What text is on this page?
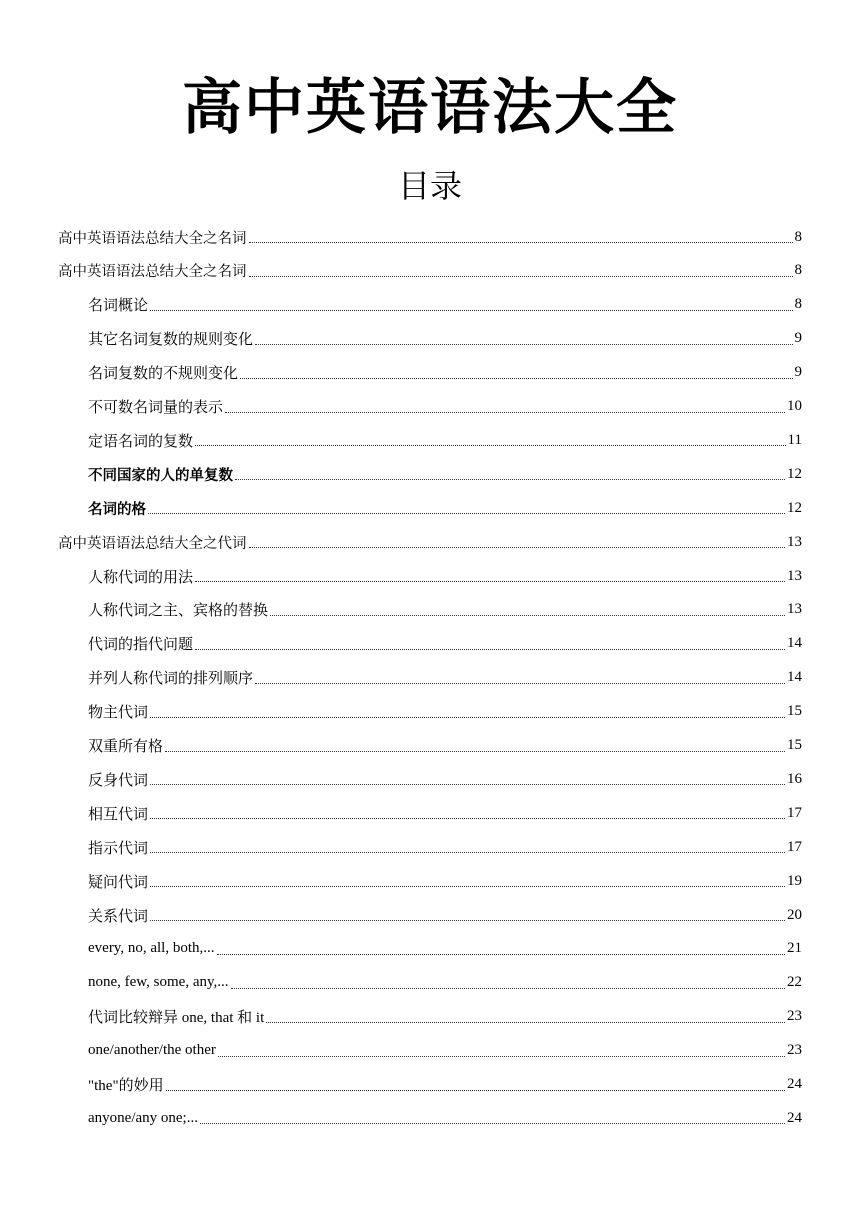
高中英语语法大全
目录
高中英语语法总结大全之名词	8
高中英语语法总结大全之名词	8
名词概论	8
其它名词复数的规则变化	9
名词复数的不规则变化	9
不可数名词量的表示	10
定语名词的复数	11
不同国家的人的单复数	12
名词的格	12
高中英语语法总结大全之代词	13
人称代词的用法	13
人称代词之主、宾格的替换	13
代词的指代问题	14
并列人称代词的排列顺序	14
物主代词	15
双重所有格	15
反身代词	16
相互代词	17
指示代词	17
疑问代词	19
关系代词	20
every, no, all, both,...	21
none, few, some, any,...	22
代词比较辩异 one, that 和 it	23
one/another/the other	23
"the"的妙用	24
anyone/any one;...	24
